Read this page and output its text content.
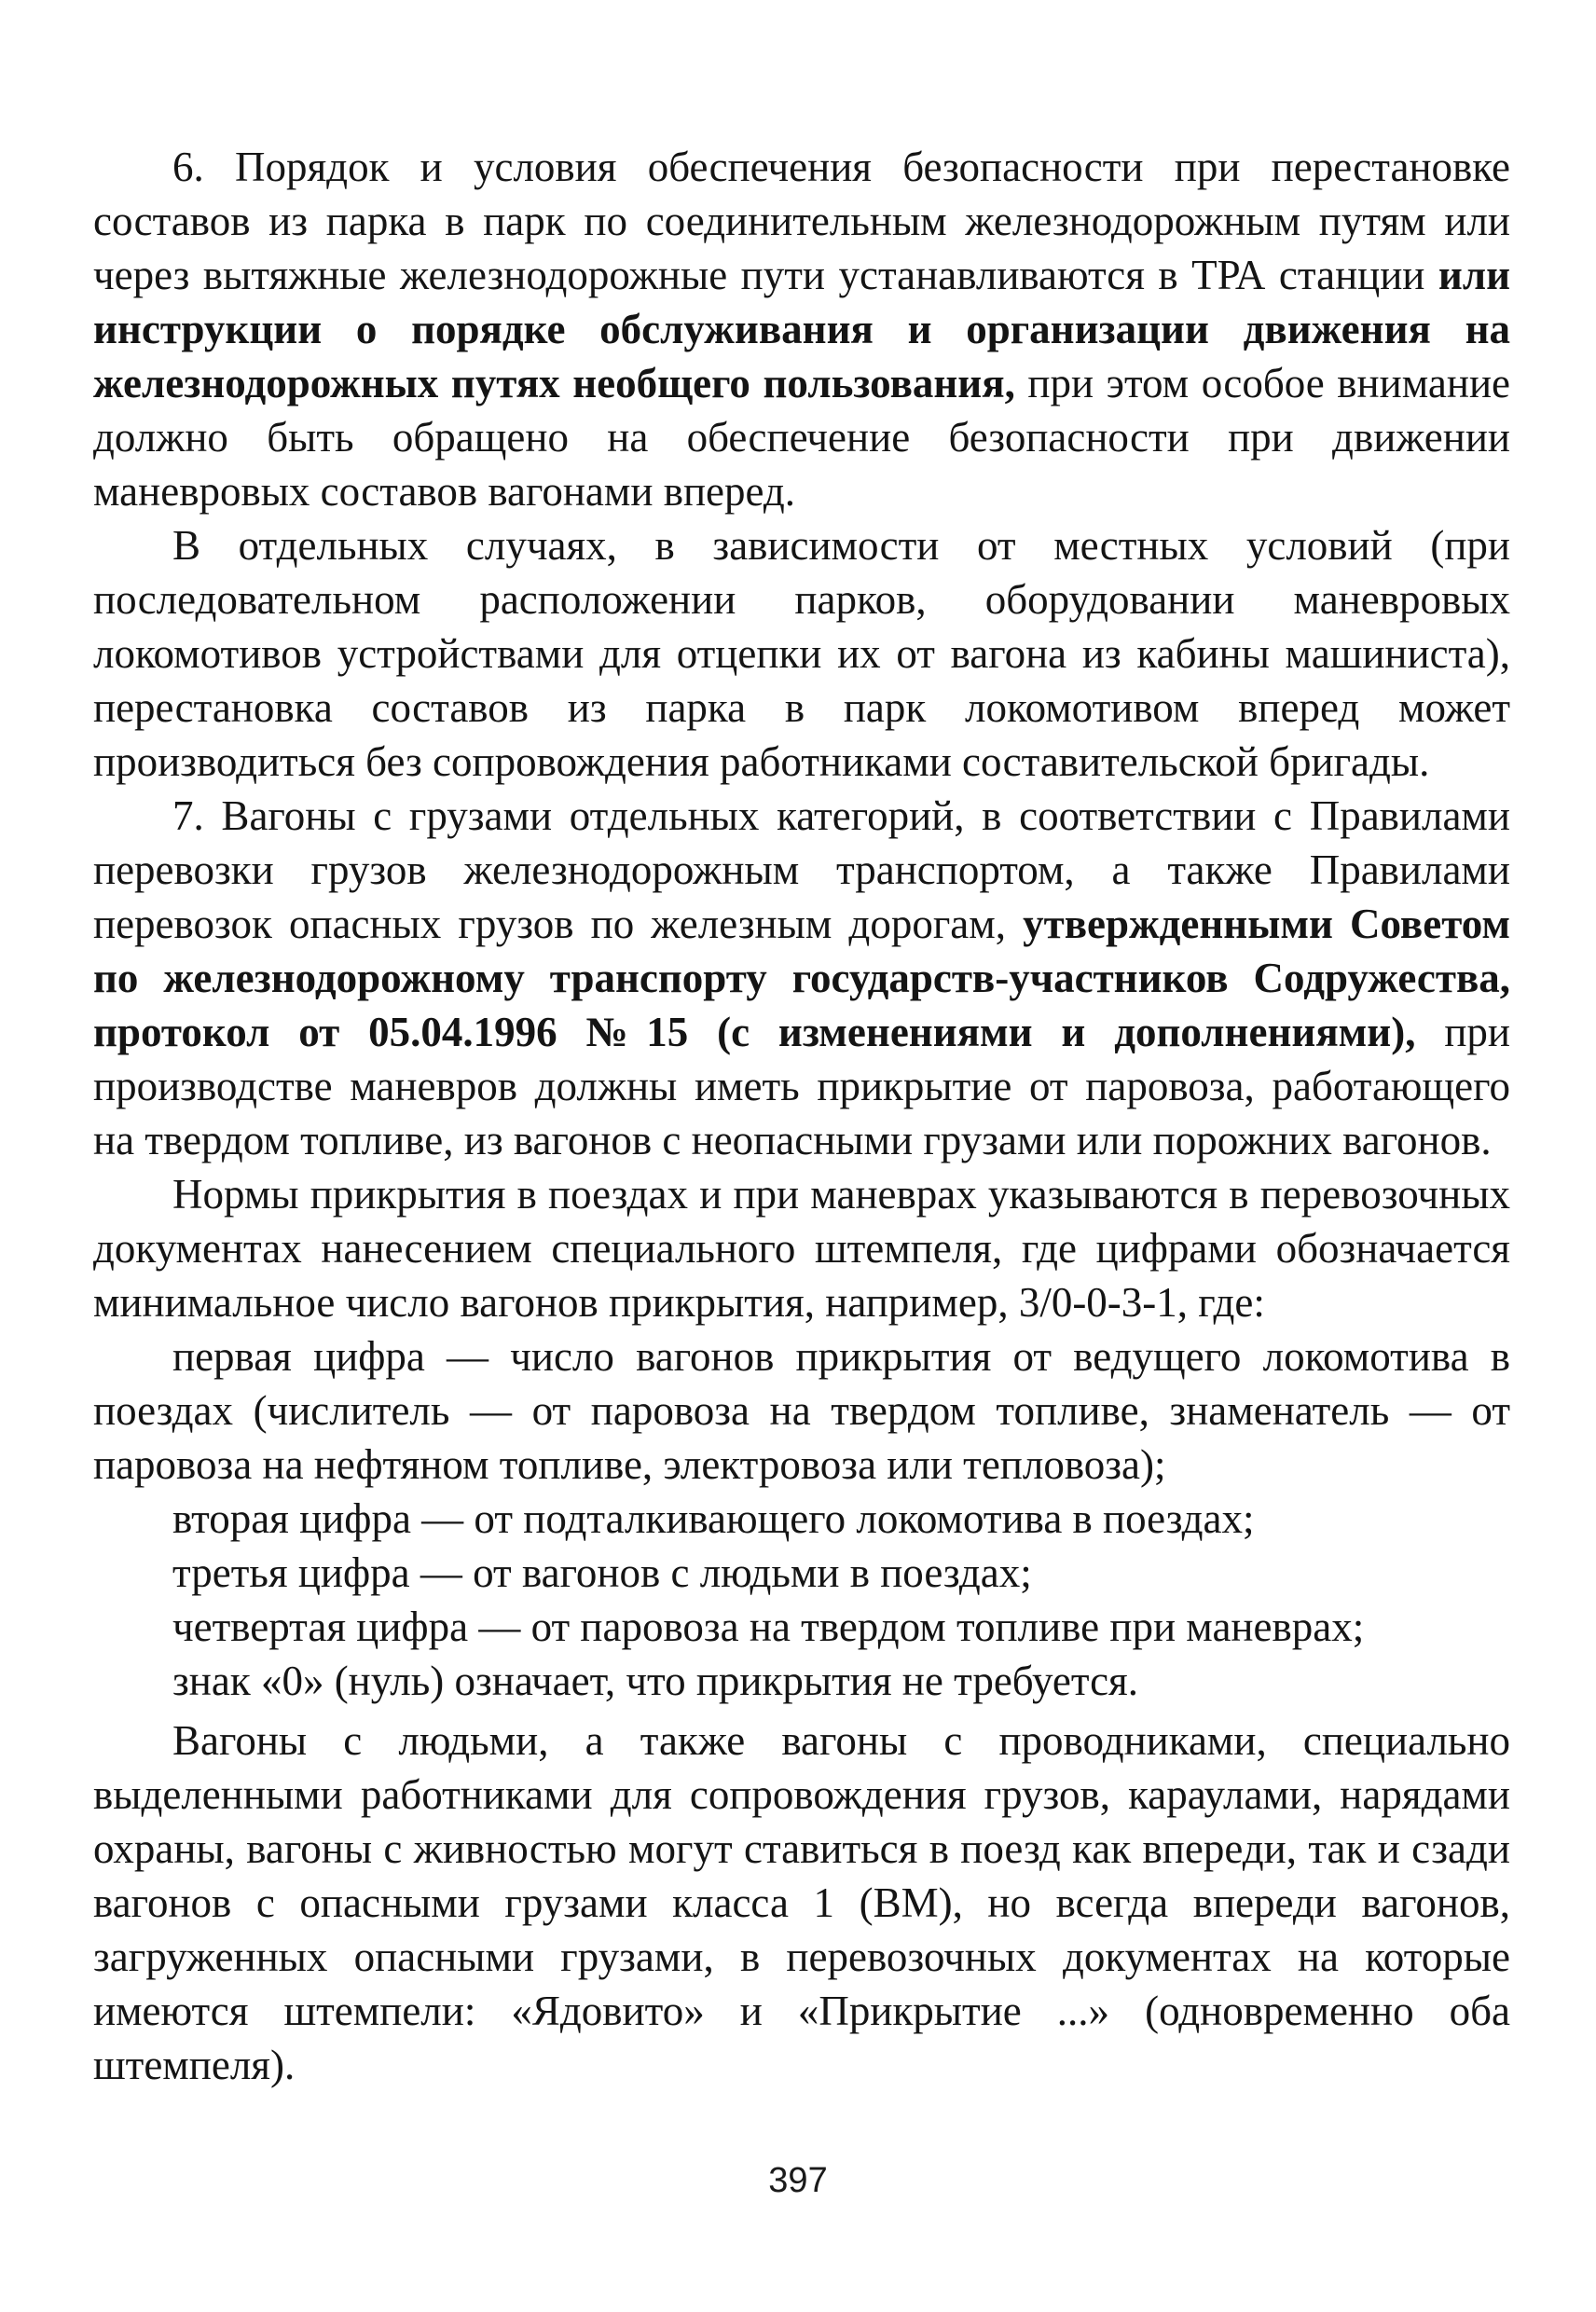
6. Порядок и условия обеспечения безопасности при перестановке составов из парка в парк по соединительным железнодорожным путям или через вытяжные железнодорожные пути устанавливаются в ТРА станции или инструкции о порядке обслуживания и организации движения на железнодорожных путях необщего пользования, при этом особое внимание должно быть обращено на обеспечение безопасности при движении маневровых составов вагонами вперед.

В отдельных случаях, в зависимости от местных условий (при последовательном расположении парков, оборудовании маневровых локомотивов устройствами для отцепки их от вагона из кабины машиниста), перестановка составов из парка в парк локомотивом вперед может производиться без сопровождения работниками составительской бригады.

7. Вагоны с грузами отдельных категорий, в соответствии с Правилами перевозки грузов железнодорожным транспортом, а также Правилами перевозок опасных грузов по железным дорогам, утвержденными Советом по железнодорожному транспорту государств-участников Содружества, протокол от 05.04.1996 №15 (с изменениями и дополнениями), при производстве маневров должны иметь прикрытие от паровоза, работающего на твердом топливе, из вагонов с неопасными грузами или порожних вагонов.

Нормы прикрытия в поездах и при маневрах указываются в перевозочных документах нанесением специального штемпеля, где цифрами обозначается минимальное число вагонов прикрытия, например, 3/0-0-3-1, где:

первая цифра — число вагонов прикрытия от ведущего локомотива в поездах (числитель — от паровоза на твердом топливе, знаменатель — от паровоза на нефтяном топливе, электровоза или тепловоза);

вторая цифра — от подталкивающего локомотива в поездах;

третья цифра — от вагонов с людьми в поездах;

четвертая цифра — от паровоза на твердом топливе при маневрах;

знак «0» (нуль) означает, что прикрытия не требуется.

Вагоны с людьми, а также вагоны с проводниками, специально выделенными работниками для сопровождения грузов, караулами, нарядами охраны, вагоны с живностью могут ставиться в поезд как впереди, так и сзади вагонов с опасными грузами класса 1 (ВМ), но всегда впереди вагонов, загруженных опасными грузами, в перевозочных документах на которые имеются штемпели: «Ядовито» и «Прикрытие ...» (одновременно оба штемпеля).

397
